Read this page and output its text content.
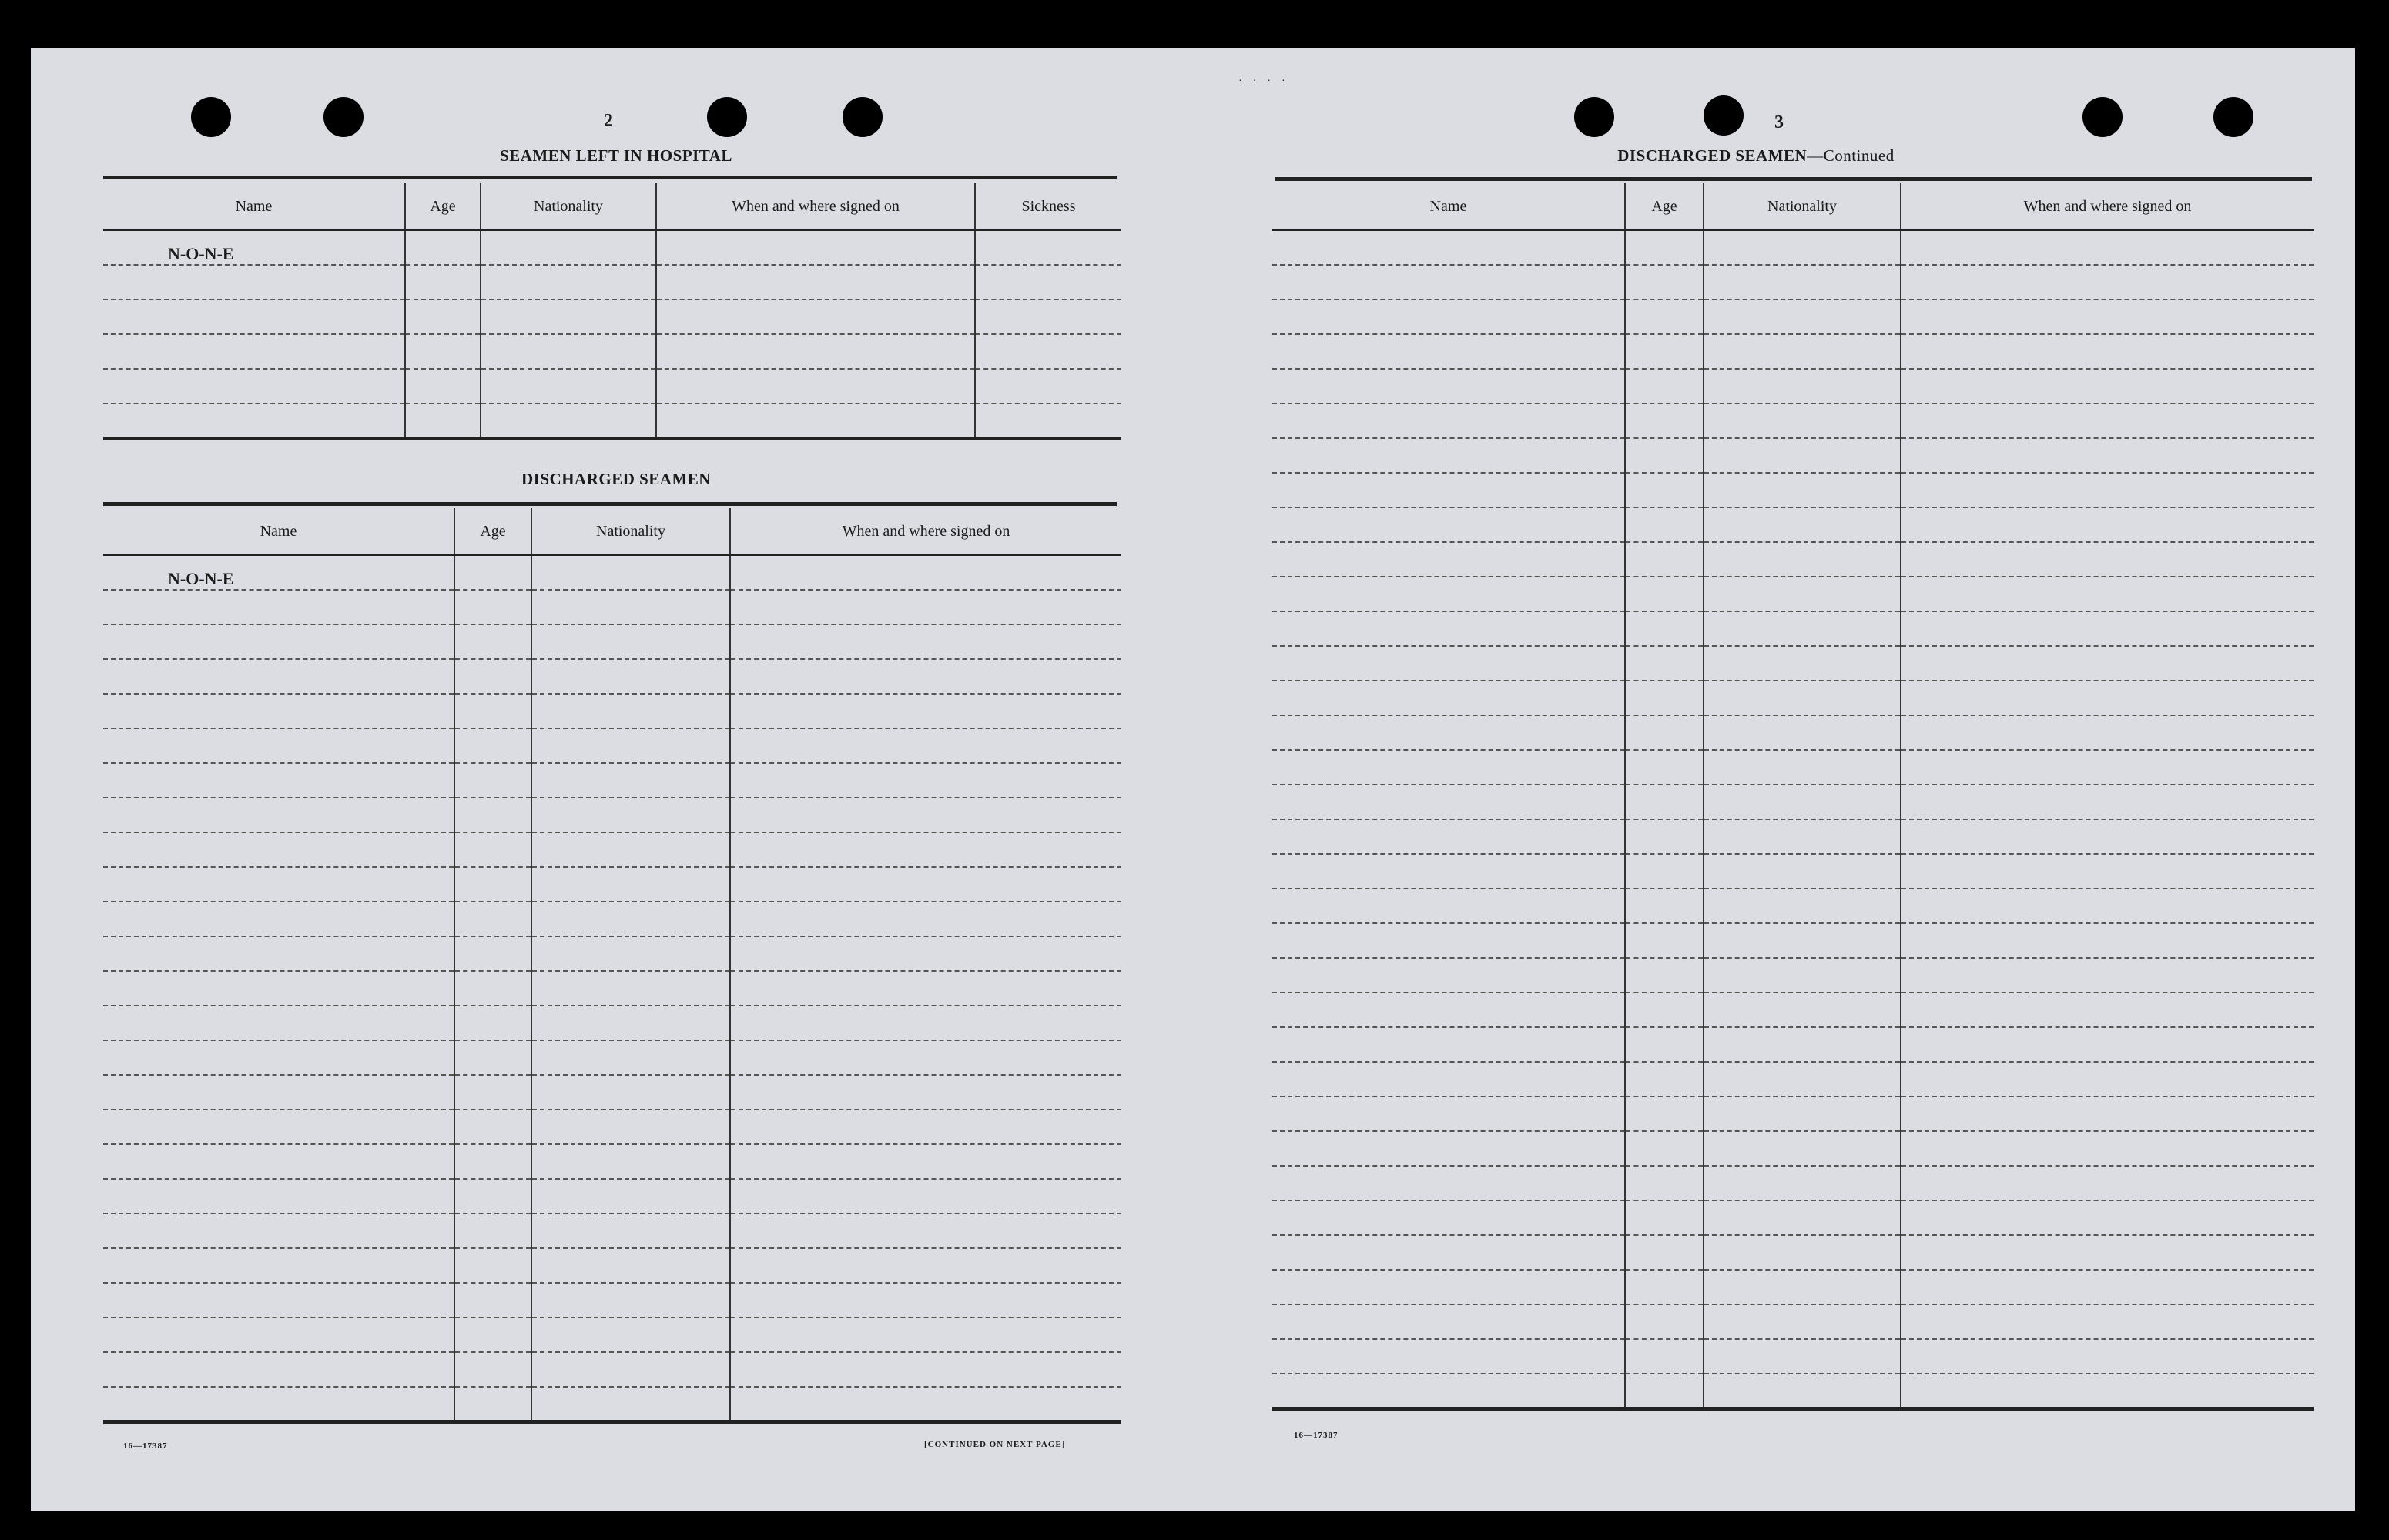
····
2
SEAMEN LEFT IN HOSPITAL
Name	Age	Nationality	When and where signed on	Sickness
N-O-N-E				

DISCHARGED SEAMEN
Name	Age	Nationality	When and where signed on
N-O-N-E			

16—17387	[CONTINUED ON NEXT PAGE]
3
DISCHARGED SEAMEN—Continued
Name	Age	Nationality	When and where signed on

16—17387
